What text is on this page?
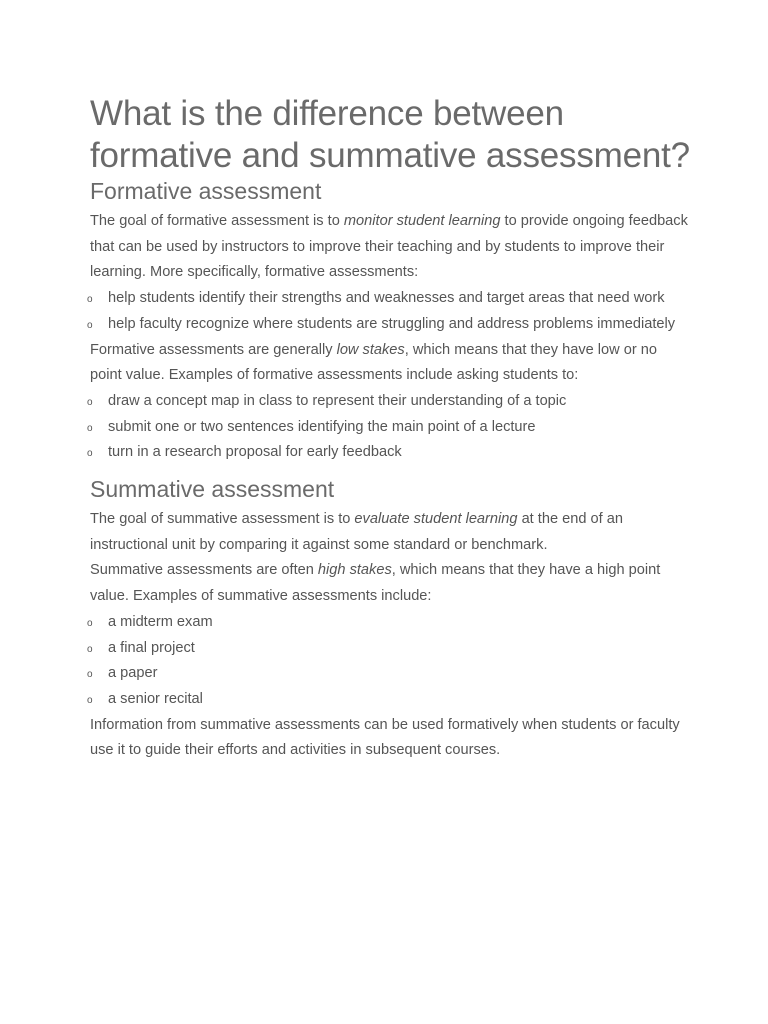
What is the difference between formative and summative assessment?
Formative assessment

The goal of formative assessment is to monitor student learning to provide ongoing feedback that can be used by instructors to improve their teaching and by students to improve their learning. More specifically, formative assessments:

o help students identify their strengths and weaknesses and target areas that need work
o help faculty recognize where students are struggling and address problems immediately

Formative assessments are generally low stakes, which means that they have low or no point value. Examples of formative assessments include asking students to:

o draw a concept map in class to represent their understanding of a topic
o submit one or two sentences identifying the main point of a lecture
o turn in a research proposal for early feedback
Summative assessment

The goal of summative assessment is to evaluate student learning at the end of an instructional unit by comparing it against some standard or benchmark.

Summative assessments are often high stakes, which means that they have a high point value. Examples of summative assessments include:

o a midterm exam
o a final project
o a paper
o a senior recital

Information from summative assessments can be used formatively when students or faculty use it to guide their efforts and activities in subsequent courses.
